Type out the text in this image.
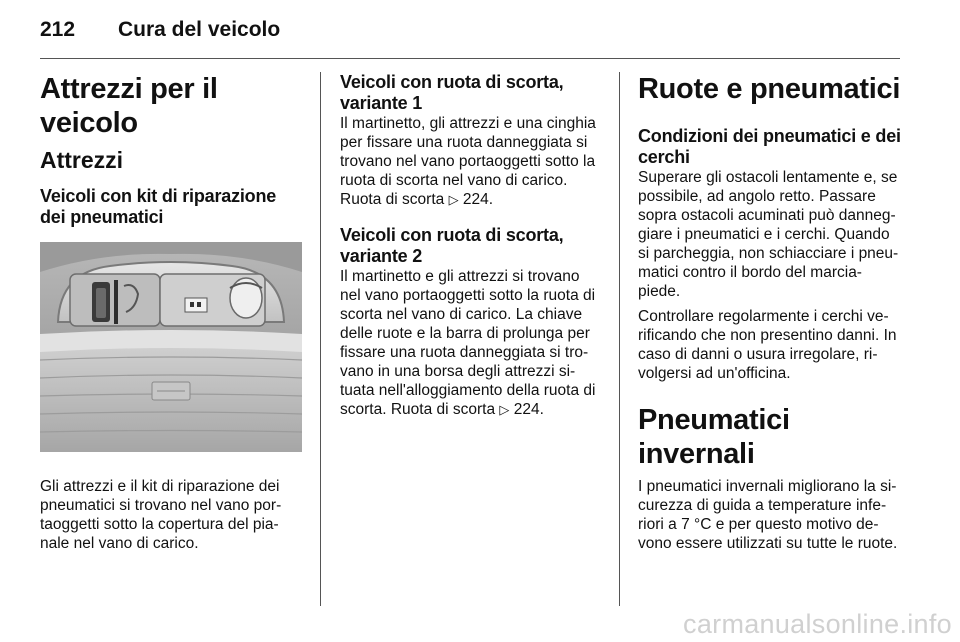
212 Cura del veicolo
Attrezzi per il veicolo
Attrezzi
Veicoli con kit di riparazione dei pneumatici

Gli attrezzi e il kit di riparazione dei pneumatici si trovano nel vano por-taoggetti sotto la copertura del pia-nale nel vano di carico.

Veicoli con ruota di scorta, variante 1

Il martinetto, gli attrezzi e una cinghia per fissare una ruota danneggiata si trovano nel vano portaoggetti sotto la ruota di scorta nel vano di carico.

Ruota di scorta ▷ 224.

Veicoli con ruota di scorta, variante 2

Il martinetto e gli attrezzi si trovano nel vano portaoggetti sotto la ruota di scorta nel vano di carico. La chiave delle ruote e la barra di prolunga per fissare una ruota danneggiata si tro-vano in una borsa degli attrezzi si-tuata nell'alloggiamento della ruota di scorta. Ruota di scorta ▷ 224.

Ruote e pneumatici
Condizioni dei pneumatici e dei cerchi

Superare gli ostacoli lentamente e, se possibile, ad angolo retto. Passare sopra ostacoli acuminati può danneg-giare i pneumatici e i cerchi. Quando si parcheggia, non schiacciare i pneu-matici contro il bordo del marcia-piede.

Controllare regolarmente i cerchi ve-rificando che non presentino danni. In caso di danni o usura irregolare, ri-volgersi ad un'officina.

Pneumatici invernali

I pneumatici invernali migliorano la si-curezza di guida a temperature infe-riori a 7 °C e per questo motivo de-vono essere utilizzati su tutte le ruote.

carmanualsonline.info
